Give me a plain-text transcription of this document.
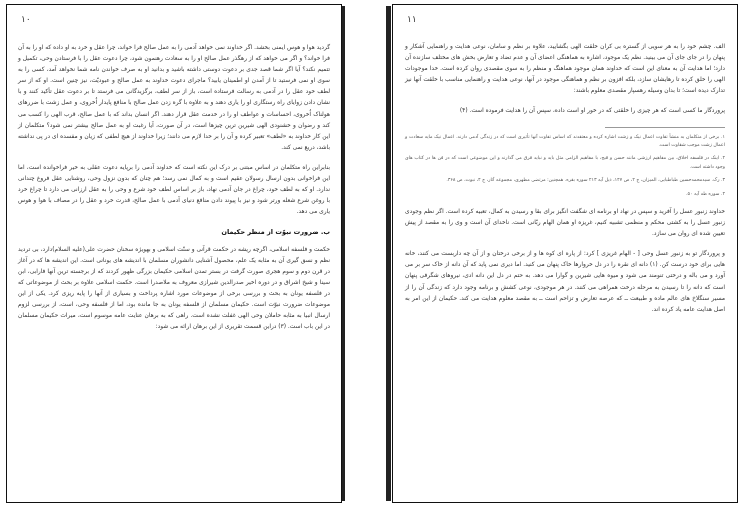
۱۰

گرديد هوا و هوس ايمنی بخشد. اگر خداوند نمی خواهد آدمی را به عمل صالح فرا خواند، چرا عقل و خرد به او داده که او را به آن فرا خواند؟ و اگر می خواهد که از رهگذر عمل صالح او را به سعادت رهنمون شود، چرا دعوت عقل را با فرستادن وحی، تکميل و تتميم نکند؟ آيا اگر شما قصد جدی بر دعوت دوستی داشته باشيد و بدانيد او به صرف خواندن نامه شما نخواهد آمد، کسی را به سوی او نمی فرستيد تا از آمدن او اطمينان يابيد؟ ماجرای دعوت خداوند به عمل صالح و عبوديّت، نيز چنين است. او که از سر لطف خود عقل را در آدمی به رسالت فرستاده است، باز از سر لطف، برگزيدگانی می فرستد تا بر دعوت عقل تأکيد کنند و با نشان دادن زوايای راه رستگاری او را ياری دهند و به علاوه با گره زدن عمل صالح با منافع پايدار اُخروی، و عمل زشت با ضررهای هولناک اُخروی، احساسات و عواطف او را در خدمت عقل قرار دهند. اگر انسان بداند که با عمل صالح، قرب الهی را کسب می کند و رضوان و خشنودی الهی شيرين ترين چيزها است، در آن صورت، آيا رغبت او به عمل صالح بيشتر نمی شود؟ متکلمان از اين کار خداوند به «لطف» تعبير کرده و آن را بر خدا لازم می دانند؛ زيرا خداوند از هيچ لطفی که زيان و مفسده ای در پی نداشته باشد، دريغ نمی کند.

بنابراين راه متکلمان در اساس مبتنی بر درک اين نکته است که خداوند آدمی را برپايه دعوت عقلی به خير فراخوانده است، اما اين فراخوانی بدون ارسال رسولان عقيم است و به کمال نمی رسد؛ هم چنان که بدون نزول وحی، روشنايی عقل فروغ چندانی ندارد. او که به لطف خود، چراغ در جان آدمی نهاد، باز بر اساس لطف خود شرع و وحی را به عقل ارزانی می دارد تا چراغ خرد با روغن شرع شعله ورتر شود و نيز با پيوند دادن منافع دنيای آدمی با عمل صالح، قدرت خرد و عقل را در مصاف با هوا و هوس ياری می دهد.

ب. ضرورت نبوّت از منظر حکيمان

حکمت و فلسفه اسلامی، اگرچه ريشه در حکمت قرآنی و سنّت اسلامی و بهويژه سخنان حضرت علی(عليه السلام)دارد، بی ترديد نظم و نسق گيری آن به مثابه يک علم، محصول آشنايی دانشوران مسلمان با انديشه های يونانی است. اين انديشه ها که در آغاز در قرن دوم و سوم هجری صورت گرفت در بستر تمدن اسلامی حکيمان بزرگی ظهور کردند که از برجسته ترين آنها فارابی، ابن سينا و شيخ اشراق و در دوره اخير صدرالدين شيرازی معروف به ملاصدرا است. حکمت اسلامی علاوه بر بحث از موضوعاتی که در فلسفه يونان به بحث و بررسی برخی از موضوعات مورد اشاره پرداخت و بسياری از آنها را پايه ريزی کرد. يکی از اين موضوعات ضرورت نبوّت است. حکيمان مسلمان از فلسفه يونان به جا مانده بود، اما از فلسفه وحی، است، از بررسی لزوم ارسال انبيا به مثابه حاملان وحی الهی غفلت نشده است. راهی که به برهان عنايت عامه موسوم است، ميراث حکيمان مسلمان در اين باب است. (۳) دراين قسمت تقريری از اين برهان ارائه می شود:

۱۱

الف. چشم خود را به هر سويی از گستره بی کران خلقت الهی بگشاييد، علاوه بر نظم و سامان، نوعی هدايت و راهنمايی آشکار و پنهان را در جای جای آن می بينيد. نظم يک موجود، اشاره به هماهنگی اعضای آن و عدم تضاد و تعارض بخش های مختلف سازنده آن دارد؛ اما هدايت آن به معنای اين است که خداوند همان موجود هماهنگ و منظم را به سوی مقصدی روان کرده است. خدا موجودات الهی را خلق کرده تا رهايشان سازد، بلکه افزون بر نظم و هماهنگی موجود در آنها، نوعی هدايت و راهنمايی مناسب با خلقت آنها نيز تدارک ديده است؛ تا بدان وسيله رهسپار مقصدی معلوم باشند:

پروردگار ما کسی است که هر چيزی را خلقتی که در خور او است داده، سپس آن را هدايت فرموده است. (۴)

۱. برخی از متکلمان به منشأ تفاوت اعمال نيک و زشت اشاره کرده و معتقدند که اساس تفاوت آنها تأثيری است که در زندگی آدمی دارند. اعمال نيک مايه سعادت و اعمال زشت موجب شقاوت است.
۲. اينک در فلسفه اخلاق، بين مفاهيم ارزشی مانند حسن و قبح، با مفاهيم الزامی مثل بايد و نبايد فرق می گذارند و اين موضوعی است که در فن ها در کتاب های وجود داشته است.
۳. رک. سيدمحمدحسين طباطبايی، الميزان، ج ۲، ص ۱۴۷، ذيل آيه ۲۱۳ سوره بقره. همچنين: مرتضی مطهری، مجموعه آثار، ج ۴، نبوت، ص ۳۶۸.
۴. سوره طه آيه ۵۰.

خداوند زنبور عسل را آفريد و سپس در نهاد او برنامه ای شگفت انگيز برای بقا و رسيدن به کمال، تعبيه کرده است. اگر نظم وجودی زنبور عسل را به کشتی محکم و منظمی تشبيه کنيم، غريزه او همان الهام ربّانی است. ناخدای آن است و وی را به مقصد از پيش تعيين شده ای روان می سازد.

و پروردگار تو به زنبور عسل وحی [ - الهام غريزی ] کرد: از پاره ای کوه ها و از برخی درختان و از آن چه داربست می کنند، خانه هايی برای خود درست کن. (۱) دانه ای نقره را در دل خروارها خاک پنهان می کنيد. اما ديری نمی پايد که آن دانه از خاک سر بر می آورد و می باله و درختی تنومند می شود و ميوه هايی شيرين و گوارا می دهد. به حتم در دل اين دانه ادی، نيروهای شگرفی پنهان است که دانه را تا رسيدن به مرحله درخت همراهی می کنند. در هر موجودی، نوعی کشش و برنامه وجود دارد که زندگی آن را از مسير سنگلاخ های عالم ماده و طبيعت ــ که عرصه تعارض و تزاحم است ــ به مقصد معلوم هدايت می کند. حکيمان از اين امر به اصل هدايت عامه ياد کرده اند.
